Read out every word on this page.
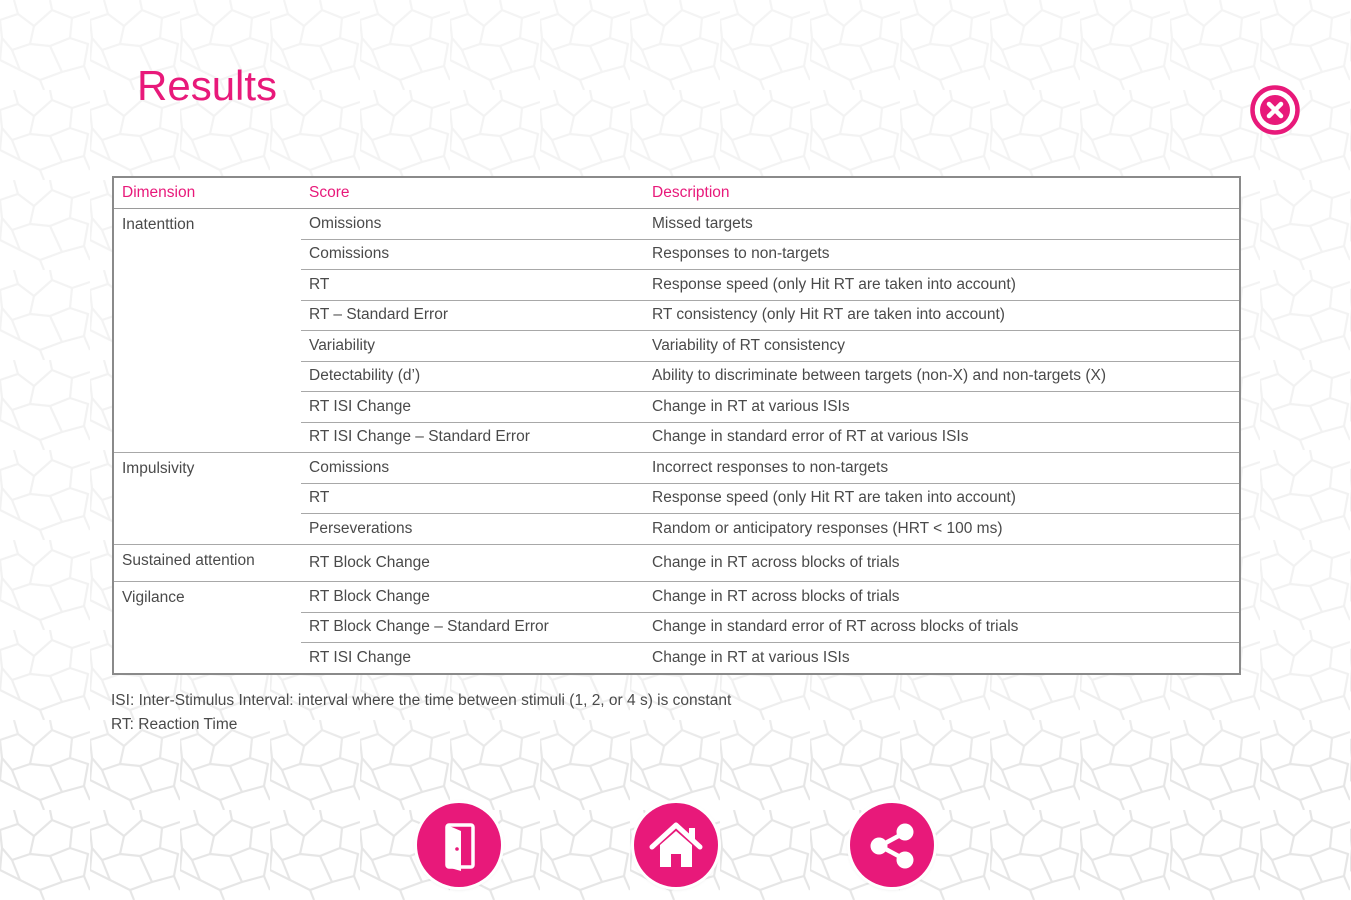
Results
Dimension	Score	Description
Inatenttion	Omissions	Missed targets
	Comissions	Responses to non-targets
	RT	Response speed (only Hit RT are taken into account)
	RT – Standard Error	RT consistency (only Hit RT are taken into account)
	Variability	Variability of RT consistency
	Detectability (d’)	Ability to discriminate between targets (non-X) and non-targets (X)
	RT ISI Change	Change in RT at various ISIs
	RT ISI Change – Standard Error	Change in standard error of RT at various ISIs
Impulsivity	Comissions	Incorrect responses to non-targets
	RT	Response speed (only Hit RT are taken into account)
	Perseverations	Random or anticipatory responses (HRT < 100 ms)
Sustained attention	RT Block Change	Change in RT across blocks of trials
Vigilance	RT Block Change	Change in RT across blocks of trials
	RT Block Change – Standard Error	Change in standard error of RT across blocks of trials
	RT ISI Change	Change in RT at various ISIs
ISI: Inter-Stimulus Interval: interval where the time between stimuli (1, 2, or 4 s) is constant
RT: Reaction Time
